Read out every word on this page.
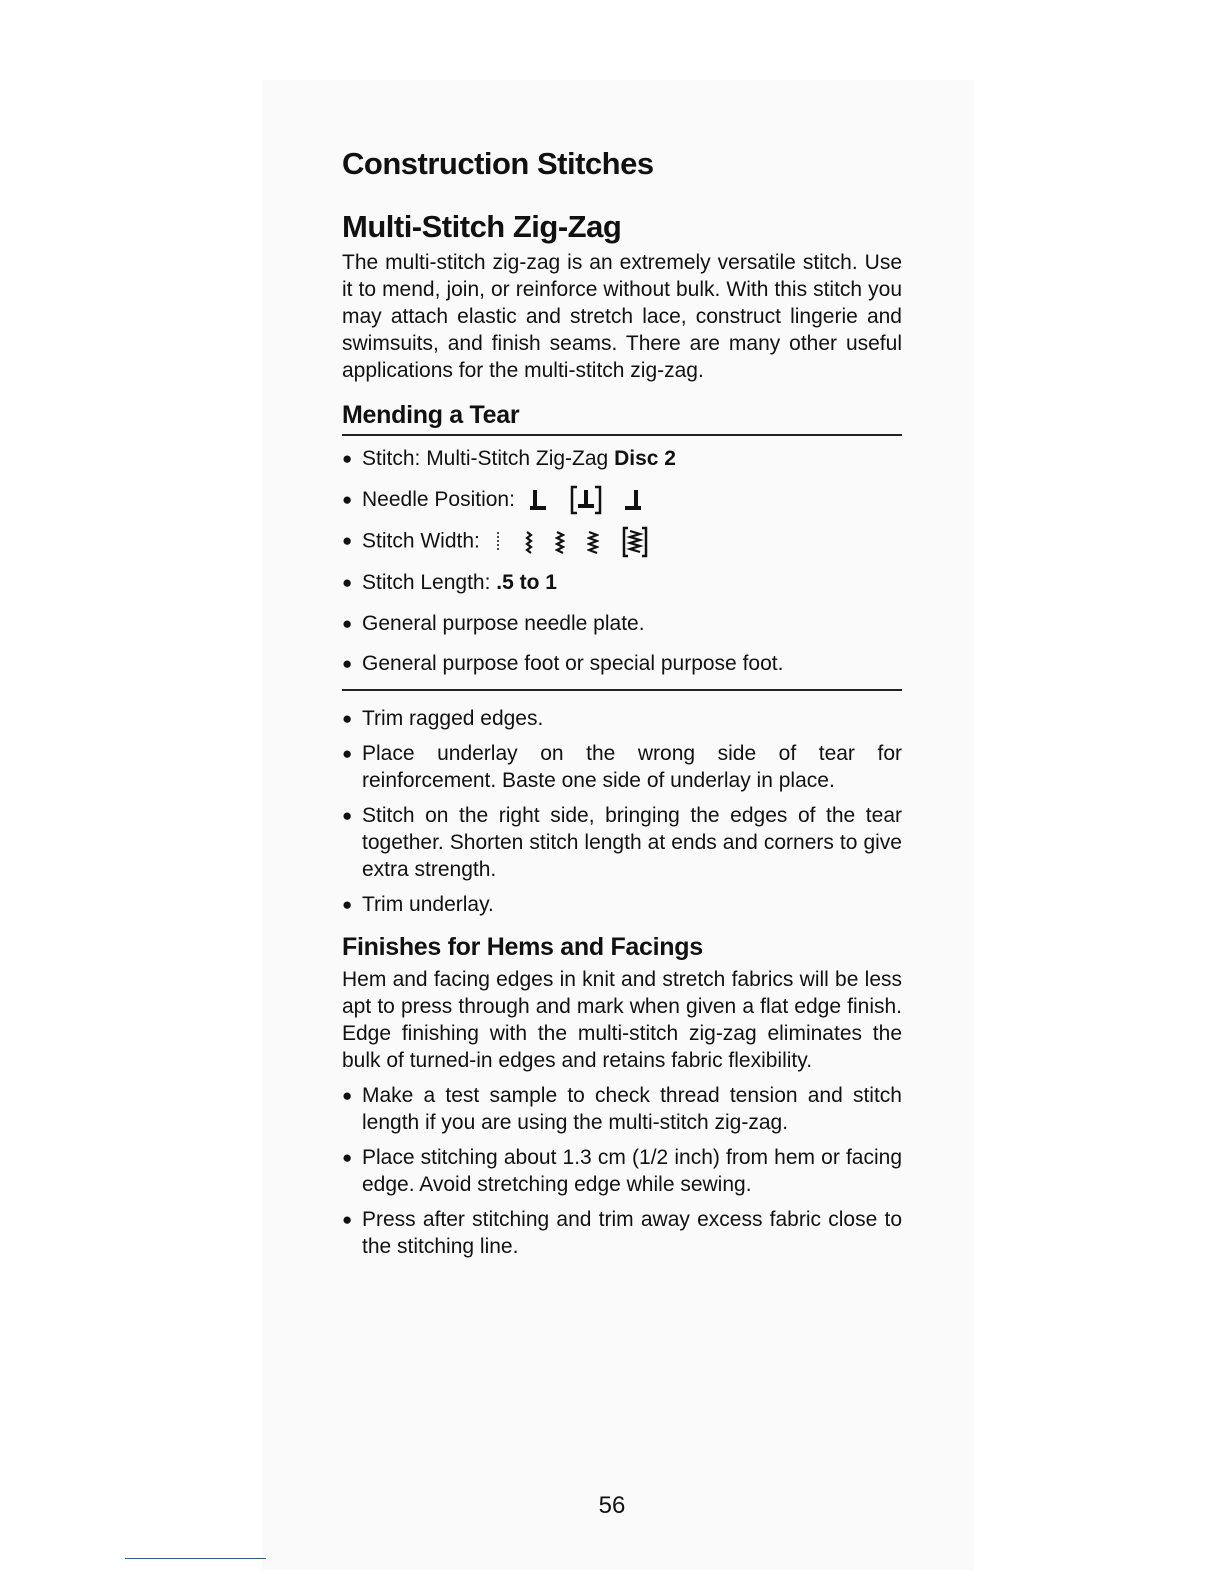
Construction Stitches
Multi-Stitch Zig-Zag

The multi-stitch zig-zag is an extremely versatile stitch. Use it to mend, join, or reinforce without bulk. With this stitch you may attach elastic and stretch lace, construct lingerie and swimsuits, and finish seams. There are many other useful applications for the multi-stitch zig-zag.

Mending a Tear
● Stitch: Multi-Stitch Zig-Zag Disc 2
● Needle Position:

● Stitch Width:

● Stitch Length: .5 to 1
● General purpose needle plate.
● General purpose foot or special purpose foot.
● Trim ragged edges.
● Place underlay on the wrong side of tear for reinforcement. Baste one side of underlay in place.
● Stitch on the right side, bringing the edges of the tear together. Shorten stitch length at ends and corners to give extra strength.
● Trim underlay.
Finishes for Hems and Facings

Hem and facing edges in knit and stretch fabrics will be less apt to press through and mark when given a flat edge finish. Edge finishing with the multi-stitch zig-zag eliminates the bulk of turned-in edges and retains fabric flexibility.

● Make a test sample to check thread tension and stitch length if you are using the multi-stitch zig-zag.
● Place stitching about 1.3 cm (1/2 inch) from hem or facing edge. Avoid stretching edge while sewing.
● Press after stitching and trim away excess fabric close to the stitching line.
56
